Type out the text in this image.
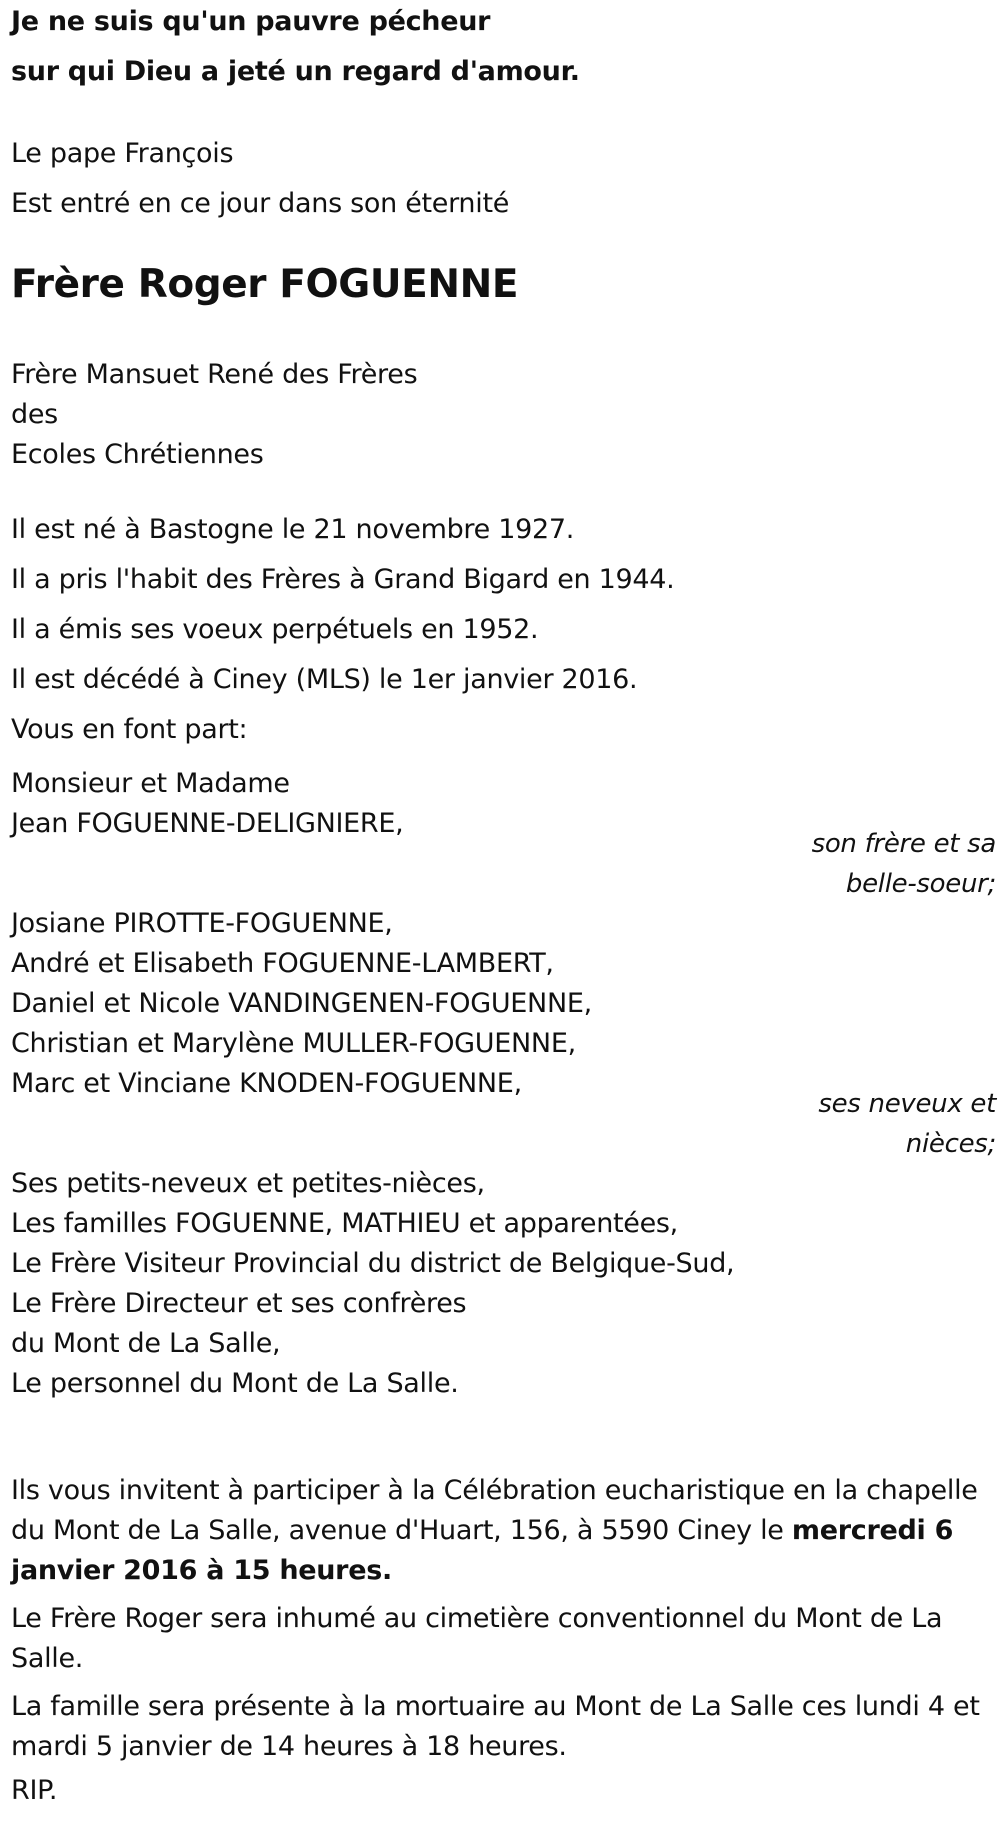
Je ne suis qu'un pauvre pécheur

sur qui Dieu a jeté un regard d'amour.

Le pape François

Est entré en ce jour dans son éternité

Frère Roger FOGUENNE

Frère Mansuet René des Frères

des

Ecoles Chrétiennes

Il est né à Bastogne le 21 novembre 1927.

Il a pris l'habit des Frères à Grand Bigard en 1944.

Il a émis ses voeux perpétuels en 1952.

Il est décédé à Ciney (MLS) le 1er janvier 2016.

Vous en font part:

Monsieur et Madame

Jean FOGUENNE-DELIGNIERE,

son frère et sa
belle-soeur;

Josiane PIROTTE-FOGUENNE,

André et Elisabeth FOGUENNE-LAMBERT,

Daniel et Nicole VANDINGENEN-FOGUENNE,

Christian et Marylène MULLER-FOGUENNE,

Marc et Vinciane KNODEN-FOGUENNE,

ses neveux et
nièces;

Ses petits-neveux et petites-nièces,

Les familles FOGUENNE, MATHIEU et apparentées,

Le Frère Visiteur Provincial du district de Belgique-Sud,

Le Frère Directeur et ses confrères

du Mont de La Salle,

Le personnel du Mont de La Salle.

Ils vous invitent à participer à la Célébration eucharistique en la chapelle du Mont de La Salle, avenue d'Huart, 156, à 5590 Ciney le mercredi 6 janvier 2016 à 15 heures.

Le Frère Roger sera inhumé au cimetière conventionnel du Mont de La Salle.

La famille sera présente à la mortuaire au Mont de La Salle ces lundi 4 et mardi 5 janvier de 14 heures à 18 heures.

RIP.
